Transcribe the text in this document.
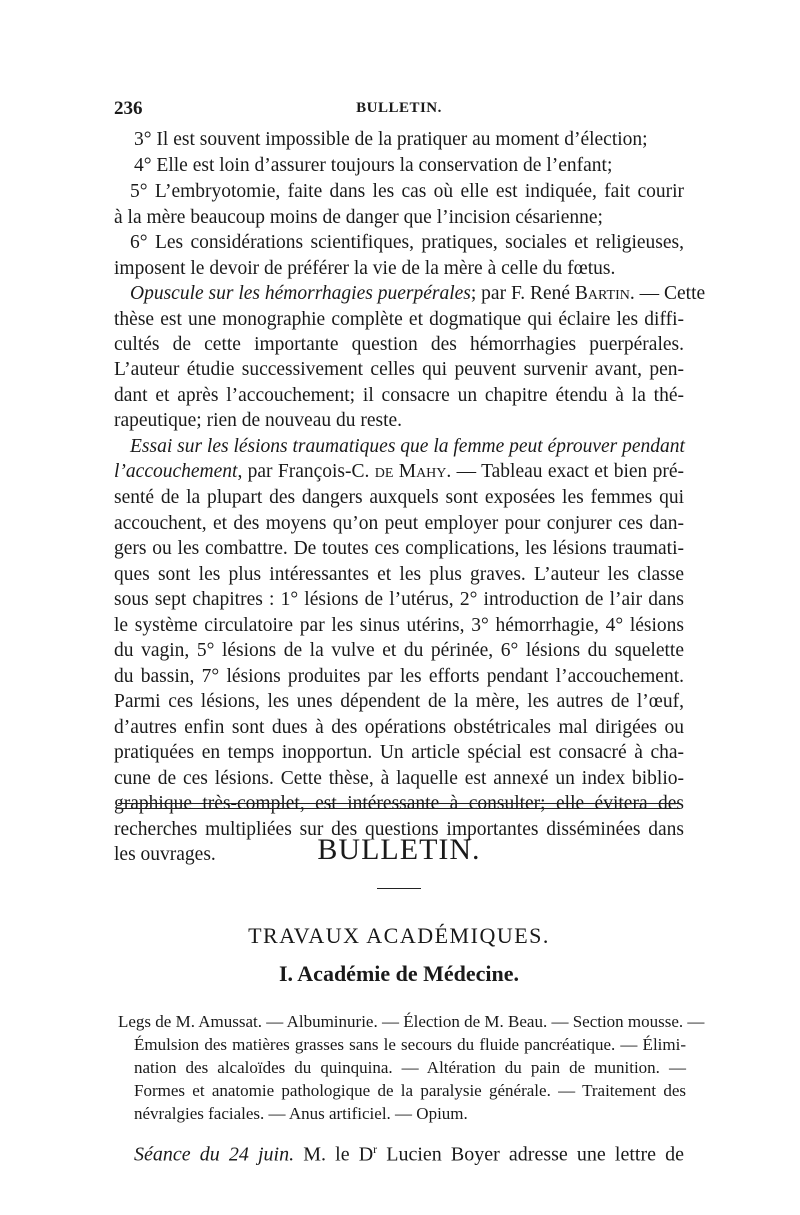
236	BULLETIN.
3° Il est souvent impossible de la pratiquer au moment d’élection;
4° Elle est loin d’assurer toujours la conservation de l’enfant;
5° L’embryotomie, faite dans les cas où elle est indiquée, fait courir
à la mère beaucoup moins de danger que l’incision césarienne;
6° Les considérations scientifiques, pratiques, sociales et religieuses,
imposent le devoir de préférer la vie de la mère à celle du fœtus.
Opuscule sur les hémorrhagies puerpérales; par F. René Bartin. — Cette
thèse est une monographie complète et dogmatique qui éclaire les diffi-
cultés de cette importante question des hémorrhagies puerpérales.
L’auteur étudie successivement celles qui peuvent survenir avant, pen-
dant et après l’accouchement; il consacre un chapitre étendu à la thé-
rapeutique; rien de nouveau du reste.
Essai sur les lésions traumatiques que la femme peut éprouver pendant
l’accouchement, par François-C. de Mahy. — Tableau exact et bien pré-
senté de la plupart des dangers auxquels sont exposées les femmes qui
accouchent, et des moyens qu’on peut employer pour conjurer ces dan-
gers ou les combattre. De toutes ces complications, les lésions traumati-
ques sont les plus intéressantes et les plus graves. L’auteur les classe
sous sept chapitres : 1° lésions de l’utérus, 2° introduction de l’air dans
le système circulatoire par les sinus utérins, 3° hémorrhagie, 4° lésions
du vagin, 5° lésions de la vulve et du périnée, 6° lésions du squelette
du bassin, 7° lésions produites par les efforts pendant l’accouchement.
Parmi ces lésions, les unes dépendent de la mère, les autres de l’œuf,
d’autres enfin sont dues à des opérations obstétricales mal dirigées ou
pratiquées en temps inopportun. Un article spécial est consacré à cha-
cune de ces lésions. Cette thèse, à laquelle est annexé un index biblio-
graphique très-complet, est intéressante à consulter; elle évitera des
recherches multipliées sur des questions importantes disséminées dans
les ouvrages.	BULLETIN.
TRAVAUX ACADÉMIQUES.
I. Académie de Médecine.
Legs de M. Amussat. — Albuminurie. — Élection de M. Beau. — Section mousse. —
Émulsion des matières grasses sans le secours du fluide pancréatique. — Élimi-
nation des alcaloïdes du quinquina. — Altération du pain de munition. —
Formes et anatomie pathologique de la paralysie générale. — Traitement des
névralgies faciales. — Anus artificiel. — Opium.
Séance du 24 juin. M. le $D^r$ Lucien Boyer adresse une lettre de
